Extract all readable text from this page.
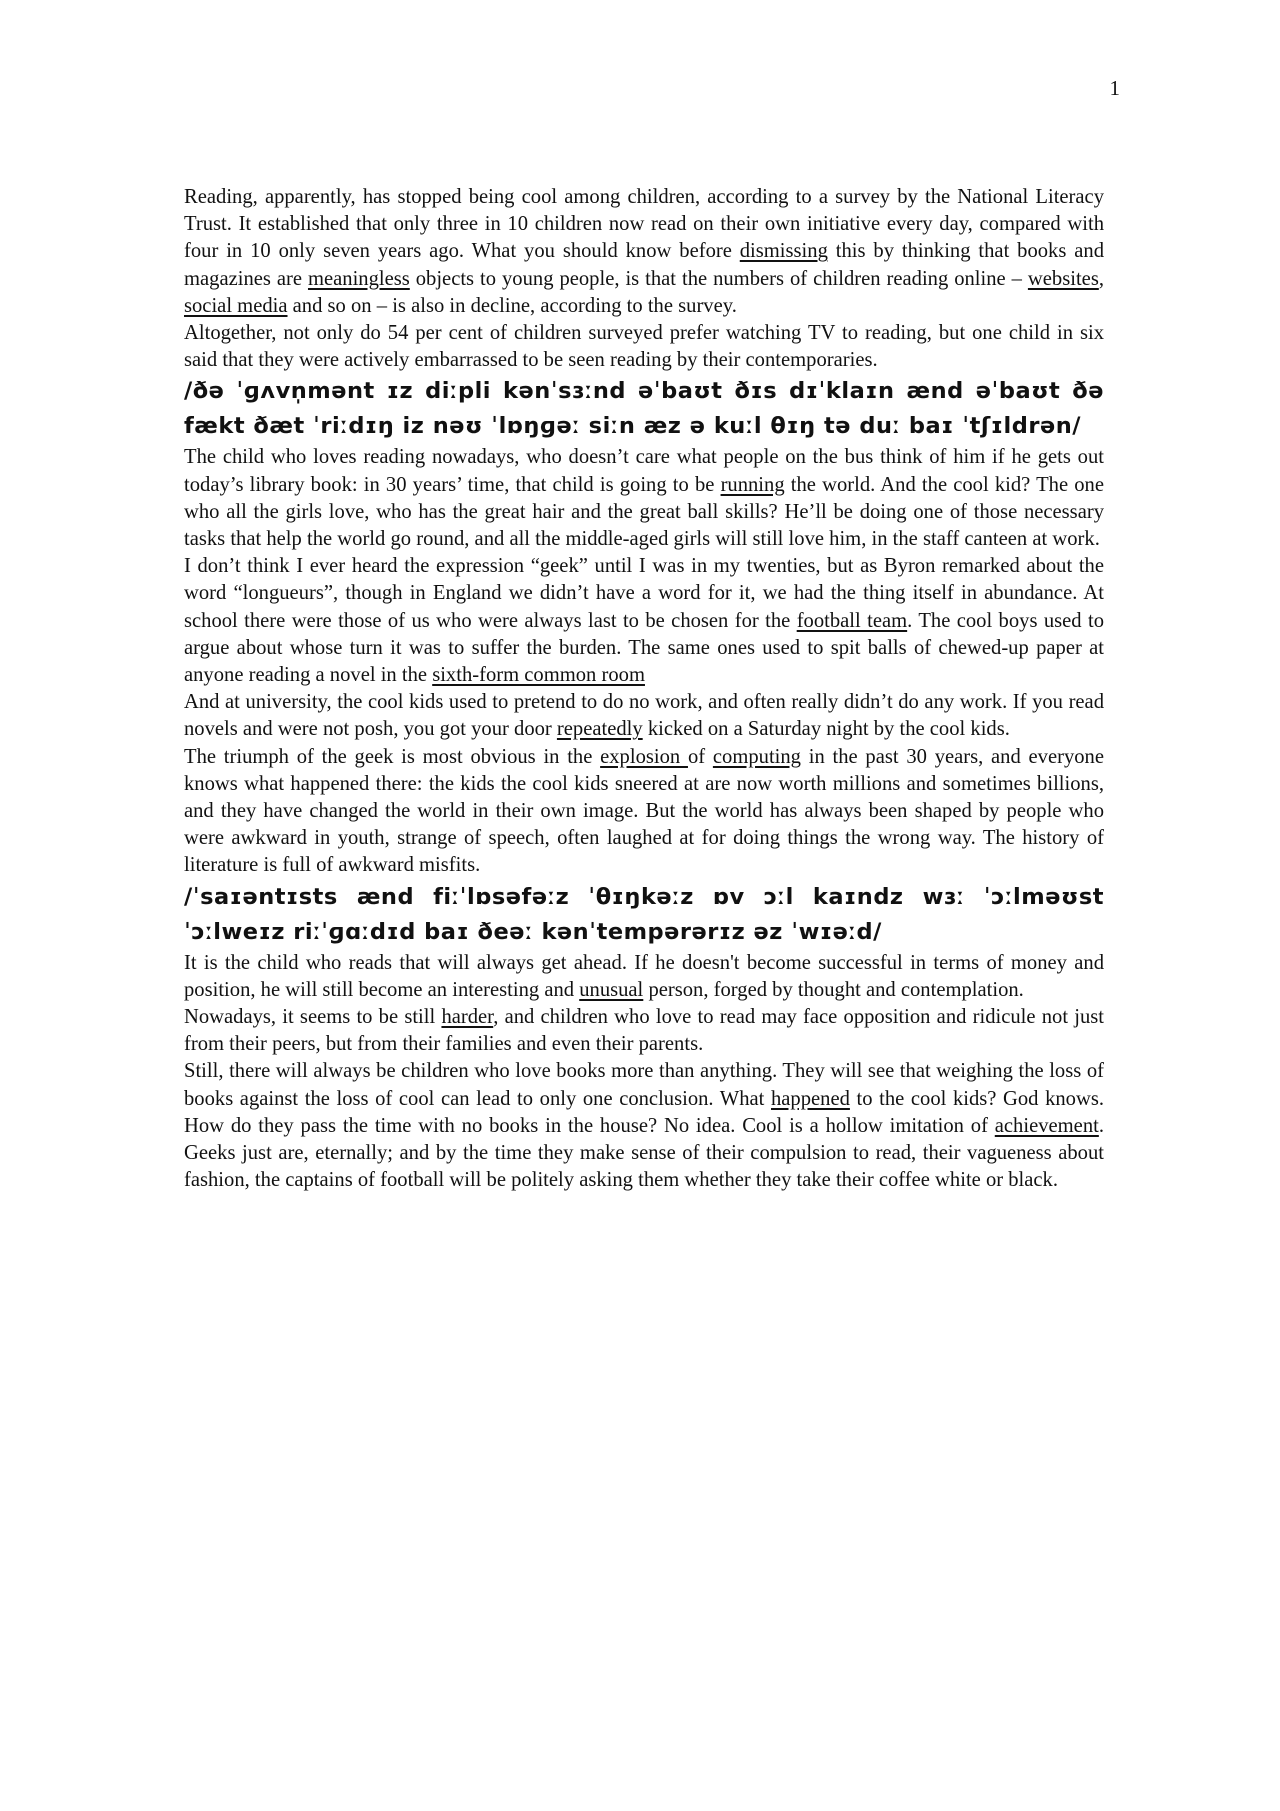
1

Reading, apparently, has stopped being cool among children, according to a survey by the National Literacy Trust. It established that only three in 10 children now read on their own initiative every day, compared with four in 10 only seven years ago. What you should know before dismissing this by thinking that books and magazines are meaningless objects to young people, is that the numbers of children reading online – websites, social media and so on – is also in decline, according to the survey.

Altogether, not only do 54 per cent of children surveyed prefer watching TV to reading, but one child in six said that they were actively embarrassed to be seen reading by their contemporaries.

/ðə ˈɡʌvn̩mənt ɪz diːpli kənˈsɜːnd əˈbaʊt ðɪs dɪˈklaɪn ænd əˈbaʊt ðə fækt ðæt ˈriːdɪŋ iz nəʊ ˈlɒŋɡəː siːn æz ə kuːl θɪŋ tə duː baɪ ˈtʃɪldrən/

The child who loves reading nowadays, who doesn’t care what people on the bus think of him if he gets out today’s library book: in 30 years’ time, that child is going to be running the world. And the cool kid? The one who all the girls love, who has the great hair and the great ball skills? He’ll be doing one of those necessary tasks that help the world go round, and all the middle-aged girls will still love him, in the staff canteen at work.

I don’t think I ever heard the expression “geek” until I was in my twenties, but as Byron remarked about the word “longueurs”, though in England we didn’t have a word for it, we had the thing itself in abundance. At school there were those of us who were always last to be chosen for the football team. The cool boys used to argue about whose turn it was to suffer the burden. The same ones used to spit balls of chewed-up paper at anyone reading a novel in the sixth-form common room

And at university, the cool kids used to pretend to do no work, and often really didn’t do any work. If you read novels and were not posh, you got your door repeatedly kicked on a Saturday night by the cool kids.

The triumph of the geek is most obvious in the explosion of computing in the past 30 years, and everyone knows what happened there: the kids the cool kids sneered at are now worth millions and sometimes billions, and they have changed the world in their own image. But the world has always been shaped by people who were awkward in youth, strange of speech, often laughed at for doing things the wrong way. The history of literature is full of awkward misfits.

/ˈsaɪəntɪsts ænd fiːˈlɒsəfəːz ˈθɪŋkəːz ɒv ɔːl kaɪndz wɜː ˈɔːlməʊst ˈɔːlweɪz riːˈɡɑːdɪd baɪ ðeəː kənˈtempərərɪz əz ˈwɪəːd/

It is the child who reads that will always get ahead. If he doesn't become successful in terms of money and position, he will still become an interesting and unusual person, forged by thought and contemplation.

Nowadays, it seems to be still harder, and children who love to read may face opposition and ridicule not just from their peers, but from their families and even their parents.

Still, there will always be children who love books more than anything. They will see that weighing the loss of books against the loss of cool can lead to only one conclusion. What happened to the cool kids? God knows. How do they pass the time with no books in the house? No idea. Cool is a hollow imitation of achievement. Geeks just are, eternally; and by the time they make sense of their compulsion to read, their vagueness about fashion, the captains of football will be politely asking them whether they take their coffee white or black.
